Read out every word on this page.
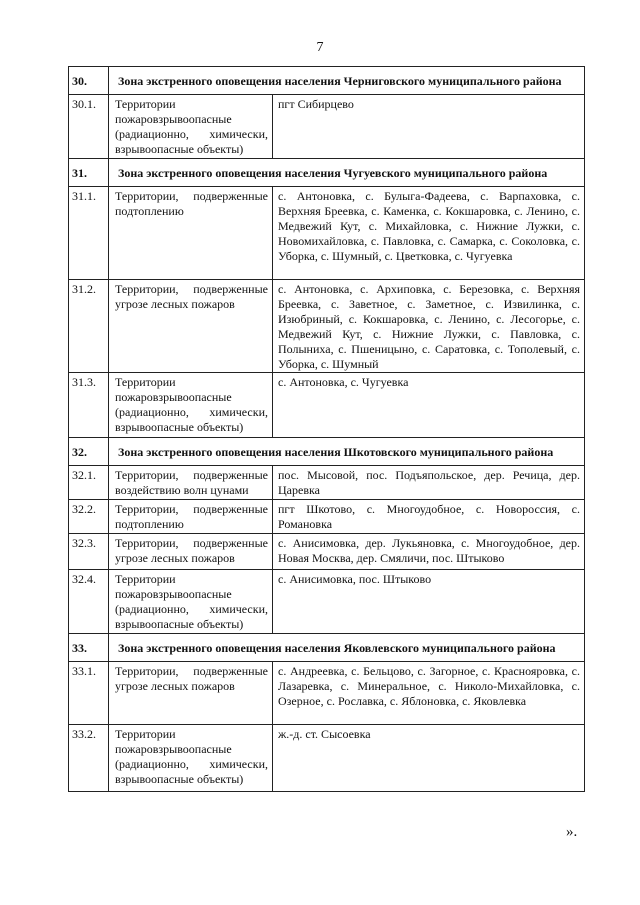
7
30.	Зона экстренного оповещения населения Черниговского муниципального района	
30.1.	Территории пожаровзрывоопасные (радиационно, химически, взрывоопасные объекты)	пгт Сибирцево
31.	Зона экстренного оповещения населения Чугуевского муниципального района	
31.1.	Территории, подверженные подтоплению	с. Антоновка, с. Булыга-Фадеева, с. Варпаховка, с. Верхняя Бреевка, с. Каменка, с. Кокшаровка, с. Ленино, с. Медвежий Кут, с. Михайловка, с. Нижние Лужки, с. Новомихайловка, с. Павловка, с. Самарка, с. Соколовка, с. Уборка, с. Шумный, с. Цветковка, с. Чугуевка
31.2.	Территории, подверженные угрозе лесных пожаров	с. Антоновка, с. Архиповка, с. Березовка, с. Верхняя Бреевка, с. Заветное, с. Заметное, с. Извилинка, с. Изюбриный, с. Кокшаровка, с. Ленино, с. Лесогорье, с. Медвежий Кут, с. Нижние Лужки, с. Павловка, с. Полыниха, с. Пшеницыно, с. Саратовка, с. Тополевый, с. Уборка, с. Шумный
31.3.	Территории пожаровзрывоопасные (радиационно, химически, взрывоопасные объекты)	с. Антоновка, с. Чугуевка
32.	Зона экстренного оповещения населения Шкотовского муниципального района	
32.1.	Территории, подверженные воздействию волн цунами	пос. Мысовой, пос. Подъяпольское, дер. Речица, дер. Царевка
32.2.	Территории, подверженные подтоплению	пгт Шкотово, с. Многоудобное, с. Новороссия, с. Романовка
32.3.	Территории, подверженные угрозе лесных пожаров	с. Анисимовка, дер. Лукьяновка, с. Многоудобное, дер. Новая Москва, дер. Смяличи, пос. Штыково
32.4.	Территории пожаровзрывоопасные (радиационно, химически, взрывоопасные объекты)	с. Анисимовка, пос. Штыково
33.	Зона экстренного оповещения населения Яковлевского муниципального района	
33.1.	Территории, подверженные угрозе лесных пожаров	с. Андреевка, с. Бельцово, с. Загорное, с. Краснояровка, с. Лазаревка, с. Минеральное, с. Николо-Михайловка, с. Озерное, с. Рославка, с. Яблоновка, с. Яковлевка
33.2.	Территории пожаровзрывоопасные (радиационно, химически, взрывоопасные объекты)	ж.-д. ст. Сысоевка
».
